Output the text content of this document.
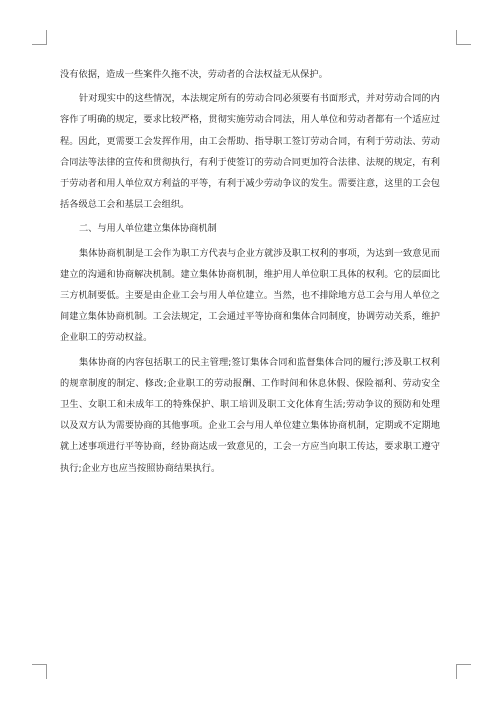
没有依据，造成一些案件久拖不决，劳动者的合法权益无从保护。

针对现实中的这些情况，本法规定所有的劳动合同必须要有书面形式，并对劳动合同的内容作了明确的规定，要求比较严格，贯彻实施劳动合同法，用人单位和劳动者都有一个适应过程。因此，更需要工会发挥作用，由工会帮助、指导职工签订劳动合同，有利于劳动法、劳动合同法等法律的宣传和贯彻执行，有利于使签订的劳动合同更加符合法律、法规的规定，有利于劳动者和用人单位双方利益的平等，有利于减少劳动争议的发生。需要注意，这里的工会包括各级总工会和基层工会组织。

二、与用人单位建立集体协商机制

集体协商机制是工会作为职工方代表与企业方就涉及职工权利的事项，为达到一致意见而建立的沟通和协商解决机制。建立集体协商机制，维护用人单位职工具体的权利。它的层面比三方机制要低。主要是由企业工会与用人单位建立。当然，也不排除地方总工会与用人单位之间建立集体协商机制。工会法规定，工会通过平等协商和集体合同制度，协调劳动关系，维护企业职工的劳动权益。

集体协商的内容包括职工的民主管理;签订集体合同和监督集体合同的履行;涉及职工权利的规章制度的制定、修改;企业职工的劳动报酬、工作时间和休息休假、保险福利、劳动安全卫生、女职工和未成年工的特殊保护、职工培训及职工文化体育生活;劳动争议的预防和处理以及双方认为需要协商的其他事项。企业工会与用人单位建立集体协商机制，定期或不定期地就上述事项进行平等协商，经协商达成一致意见的，工会一方应当向职工传达，要求职工遵守执行;企业方也应当按照协商结果执行。
